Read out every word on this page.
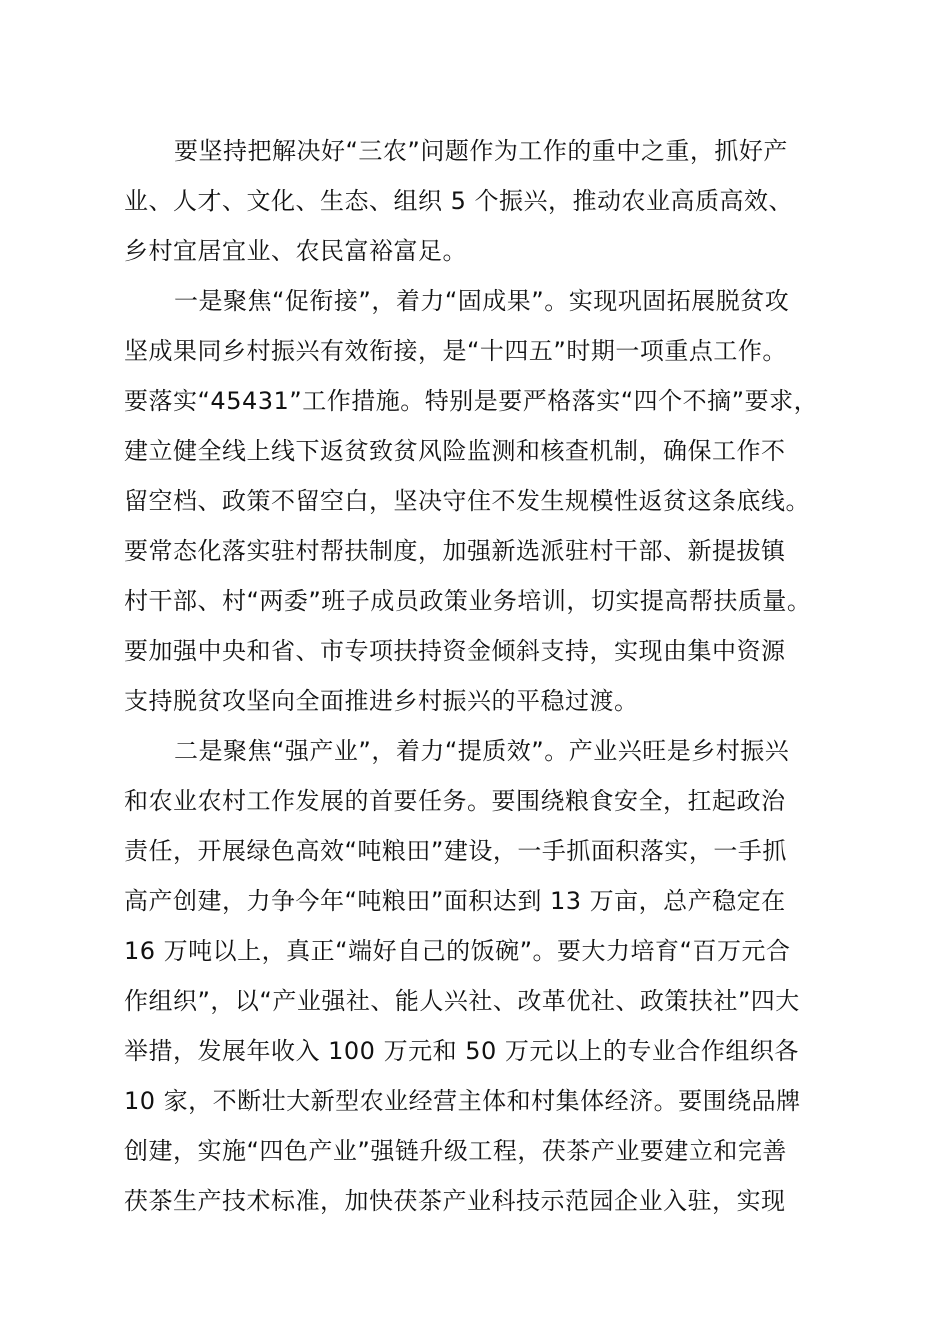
要坚持把解决好“三农”问题作为工作的重中之重，抓好产
业、人才、文化、生态、组织 5 个振兴，推动农业高质高效、
乡村宜居宜业、农民富裕富足。
一是聚焦“促衔接”，着力“固成果”。实现巩固拓展脱贫攻
坚成果同乡村振兴有效衔接，是“十四五”时期一项重点工作。
要落实“45431”工作措施。特别是要严格落实“四个不摘”要求，
建立健全线上线下返贫致贫风险监测和核查机制，确保工作不
留空档、政策不留空白，坚决守住不发生规模性返贫这条底线。
要常态化落实驻村帮扶制度，加强新选派驻村干部、新提拔镇
村干部、村“两委”班子成员政策业务培训，切实提高帮扶质量。
要加强中央和省、市专项扶持资金倾斜支持，实现由集中资源
支持脱贫攻坚向全面推进乡村振兴的平稳过渡。
二是聚焦“强产业”，着力“提质效”。产业兴旺是乡村振兴
和农业农村工作发展的首要任务。要围绕粮食安全，扛起政治
责任，开展绿色高效“吨粮田”建设，一手抓面积落实，一手抓
高产创建，力争今年“吨粮田”面积达到 13 万亩，总产稳定在
16 万吨以上，真正“端好自己的饭碗”。要大力培育“百万元合
作组织”，以“产业强社、能人兴社、改革优社、政策扶社”四大
举措，发展年收入 100 万元和 50 万元以上的专业合作组织各
10 家，不断壮大新型农业经营主体和村集体经济。要围绕品牌
创建，实施“四色产业”强链升级工程，茯茶产业要建立和完善
茯茶生产技术标准，加快茯茶产业科技示范园企业入驻，实现
